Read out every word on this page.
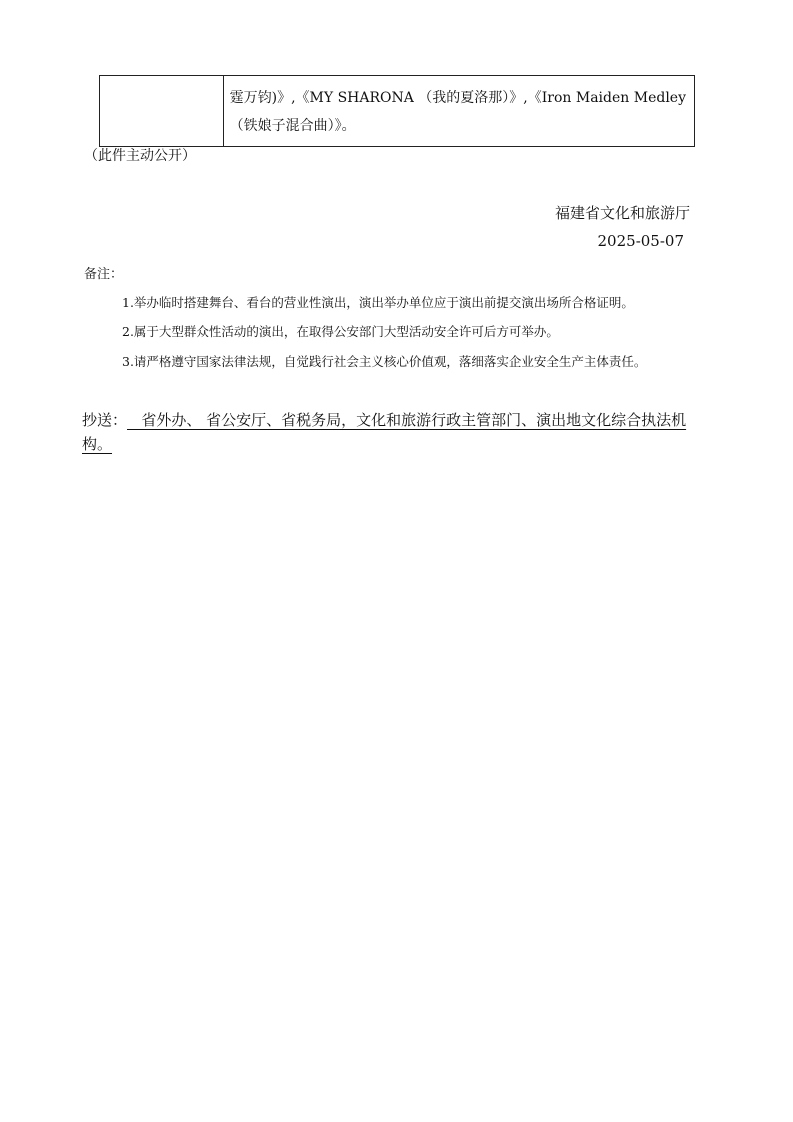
霆万钧)》,《MY SHARONA （我的夏洛那）》,《Iron Maiden Medley
（铁娘子混合曲）》。
（此件主动公开）
福建省文化和旅游厅
2025-05-07
备注：
1.举办临时搭建舞台、看台的营业性演出，演出举办单位应于演出前提交演出场所合格证明。
2.属于大型群众性活动的演出，在取得公安部门大型活动安全许可后方可举办。
3.请严格遵守国家法律法规，自觉践行社会主义核心价值观，落细落实企业安全生产主体责任。
抄送：   省外办、 省公安厅、省税务局，文化和旅游行政主管部门、演出地文化综合执法机构。
